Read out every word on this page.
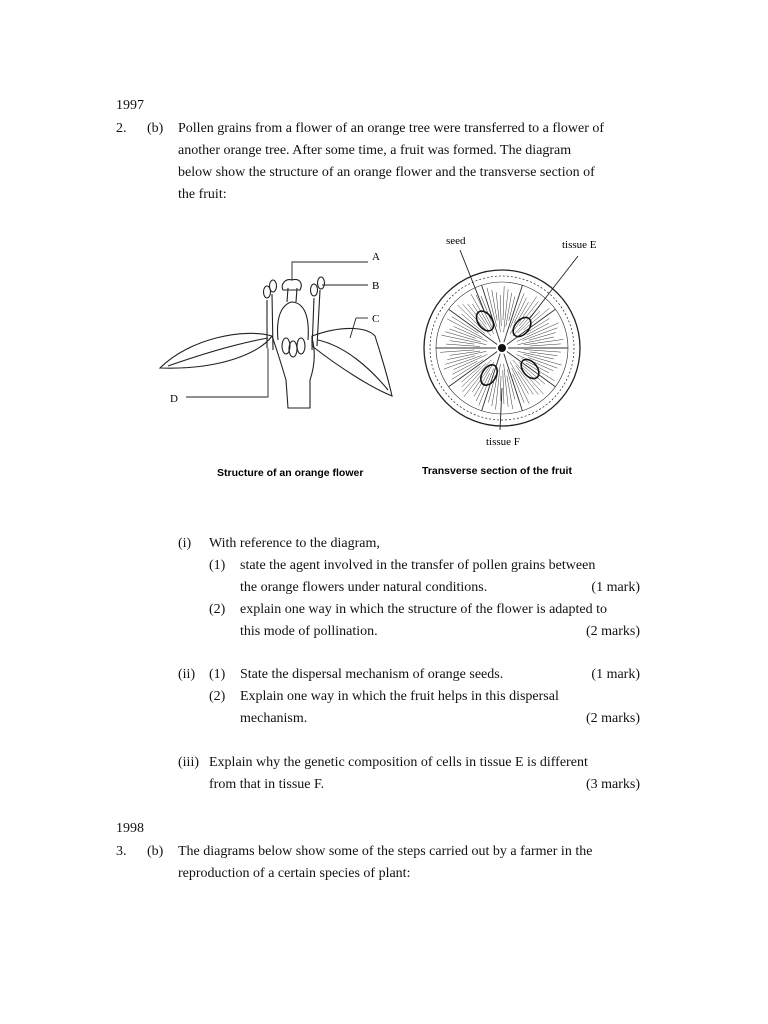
1997
2. (b) Pollen grains from a flower of an orange tree were transferred to a flower of
another orange tree. After some time, a fruit was formed. The diagram
below show the structure of an orange flower and the transverse section of
the fruit:
A
B
C
D
seed	tissue E
tissue F
Structure of an orange flower	Transverse section of the fruit
(i) With reference to the diagram,
(1) state the agent involved in the transfer of pollen grains between
the orange flowers under natural conditions.	(1 mark)
(2) explain one way in which the structure of the flower is adapted to
this mode of pollination.	(2 marks)
(ii) (1) State the dispersal mechanism of orange seeds.	(1 mark)
(2) Explain one way in which the fruit helps in this dispersal
mechanism.	(2 marks)
(iii) Explain why the genetic composition of cells in tissue E is different
from that in tissue F.	(3 marks)
1998
3. (b) The diagrams below show some of the steps carried out by a farmer in the
reproduction of a certain species of plant:
